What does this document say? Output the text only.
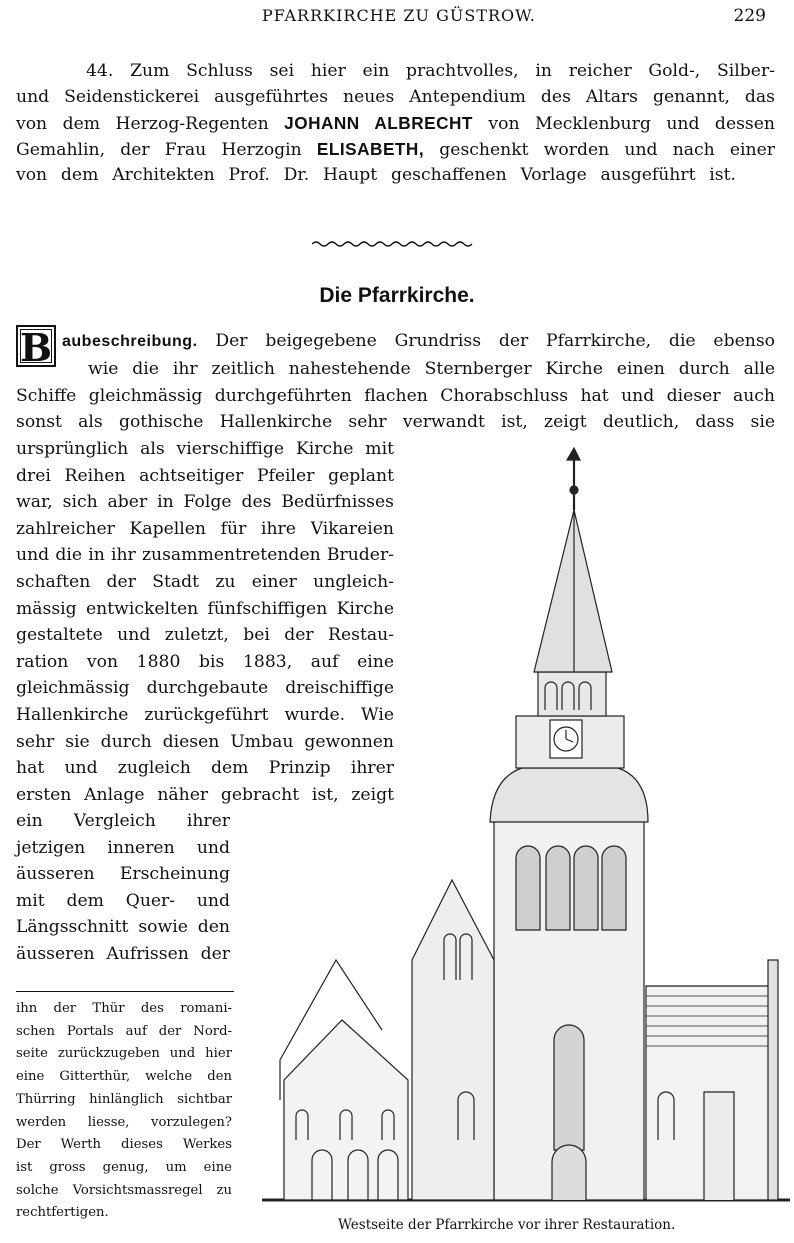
PFARRKIRCHE ZU GÜSTROW.	229
44. Zum Schluss sei hier ein prachtvolles, in reicher Gold-, Silber-
und Seidenstickerei ausgeführtes neues Antependium des Altars genannt, das
von dem Herzog-Regenten JOHANN ALBRECHT von Mecklenburg und dessen
Gemahlin, der Frau Herzogin ELISABETH, geschenkt worden und nach einer
von dem Architekten Prof. Dr. Haupt geschaffenen Vorlage ausgeführt ist.
Die Pfarrkirche.
B aubeschreibung. Der beigegebene Grundriss der Pfarrkirche, die ebenso
wie die ihr zeitlich nahestehende Sternberger Kirche einen durch alle
Schiffe gleichmässig durchgeführten flachen Chorabschluss hat und dieser auch
sonst als gothische Hallenkirche sehr verwandt ist, zeigt deutlich, dass sie
ursprünglich als vierschiffige Kirche mit
drei Reihen achtseitiger Pfeiler geplant
war, sich aber in Folge des Bedürfnisses
zahlreicher Kapellen für ihre Vikareien
und die in ihr zusammentretenden Bruder-
schaften der Stadt zu einer ungleich-
mässig entwickelten fünfschiffigen Kirche
gestaltete und zuletzt, bei der Restau-
ration von 1880 bis 1883, auf eine
gleichmässig durchgebaute dreischiffige
Hallenkirche zurückgeführt wurde. Wie
sehr sie durch diesen Umbau gewonnen
hat und zugleich dem Prinzip ihrer
ersten Anlage näher gebracht ist, zeigt
ein Vergleich ihrer
jetzigen inneren und
äusseren Erscheinung
mit dem Quer- und
Längsschnitt sowie den
äusseren Aufrissen der
ihn der Thür des romani-
schen Portals auf der Nord-
seite zurückzugeben und hier
eine Gitterthür, welche den
Thürring hinlänglich sichtbar
werden liesse, vorzulegen?
Der Werth dieses Werkes
ist gross genug, um eine
solche Vorsichtsmassregel zu
rechtfertigen.
Westseite der Pfarrkirche vor ihrer Restauration.
